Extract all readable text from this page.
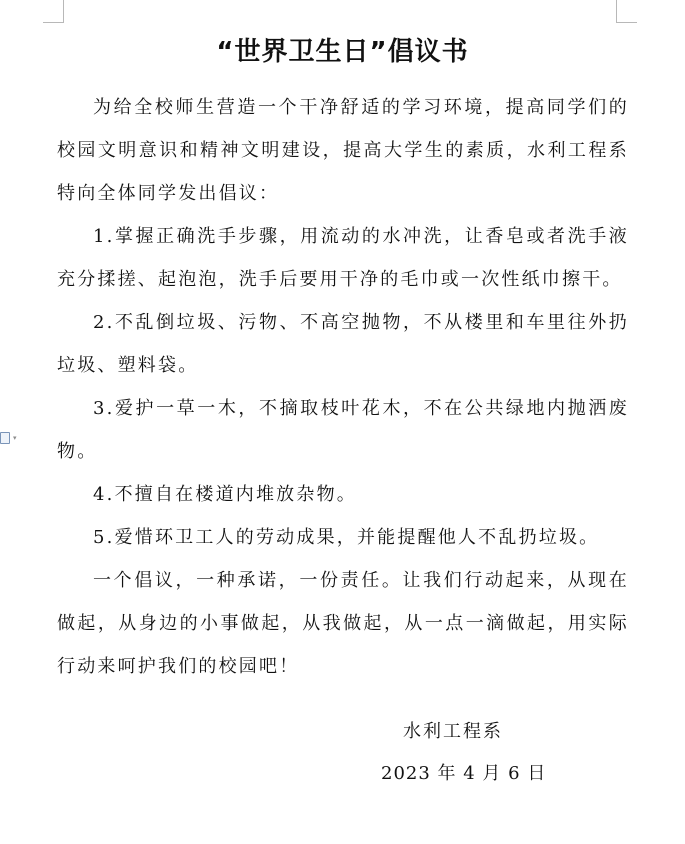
▾
“世界卫生日”倡议书

为给全校师生营造一个干净舒适的学习环境，提高同学们的校园文明意识和精神文明建设，提高大学生的素质，水利工程系特向全体同学发出倡议：

1.掌握正确洗手步骤，用流动的水冲洗，让香皂或者洗手液充分揉搓、起泡泡，洗手后要用干净的毛巾或一次性纸巾擦干。

2.不乱倒垃圾、污物、不高空抛物，不从楼里和车里往外扔垃圾、塑料袋。

3.爱护一草一木，不摘取枝叶花木，不在公共绿地内抛洒废物。

4.不擅自在楼道内堆放杂物。

5.爱惜环卫工人的劳动成果，并能提醒他人不乱扔垃圾。

一个倡议，一种承诺，一份责任。让我们行动起来，从现在做起，从身边的小事做起，从我做起，从一点一滴做起，用实际行动来呵护我们的校园吧！

水利工程系
2023 年 4 月 6 日
